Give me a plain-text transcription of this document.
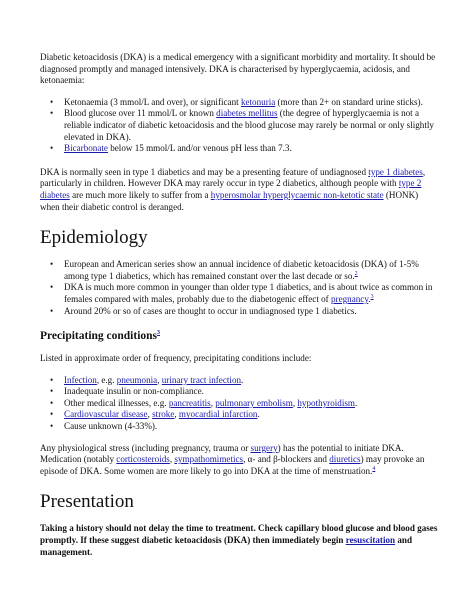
Diabetic ketoacidosis (DKA) is a medical emergency with a significant morbidity and mortality. It should be diagnosed promptly and managed intensively. DKA is characterised by hyperglycaemia, acidosis, and ketonaemia:

• Ketonaemia (3 mmol/L and over), or significant ketonuria (more than 2+ on standard urine sticks).
• Blood glucose over 11 mmol/L or known diabetes mellitus (the degree of hyperglycaemia is not a reliable indicator of diabetic ketoacidosis and the blood glucose may rarely be normal or only slightly elevated in DKA).
• Bicarbonate below 15 mmol/L and/or venous pH less than 7.3.

DKA is normally seen in type 1 diabetics and may be a presenting feature of undiagnosed type 1 diabetes, particularly in children. However DKA may rarely occur in type 2 diabetics, although people with type 2 diabetes are much more likely to suffer from a hyperosmolar hyperglycaemic non-ketotic state (HONK) when their diabetic control is deranged.

Epidemiology
• European and American series show an annual incidence of diabetic ketoacidosis (DKA) of 1-5% among type 1 diabetics, which has remained constant over the last decade or so.$^2$
• DKA is much more common in younger than older type 1 diabetics, and is about twice as common in females compared with males, probably due to the diabetogenic effect of pregnancy.$^3$
• Around 20% or so of cases are thought to occur in undiagnosed type 1 diabetics.
Precipitating conditions$^3$

Listed in approximate order of frequency, precipitating conditions include:

• Infection, e.g. pneumonia, urinary tract infection.
• Inadequate insulin or non-compliance.
• Other medical illnesses, e.g. pancreatitis, pulmonary embolism, hypothyroidism.
• Cardiovascular disease, stroke, myocardial infarction.
• Cause unknown (4-33%).

Any physiological stress (including pregnancy, trauma or surgery) has the potential to initiate DKA. Medication (notably corticosteroids, sympathomimetics, α- and β-blockers and diuretics) may provoke an episode of DKA. Some women are more likely to go into DKA at the time of menstruation.$^4$

Presentation

Taking a history should not delay the time to treatment. Check capillary blood glucose and blood gases promptly. If these suggest diabetic ketoacidosis (DKA) then immediately begin resuscitation and management.
